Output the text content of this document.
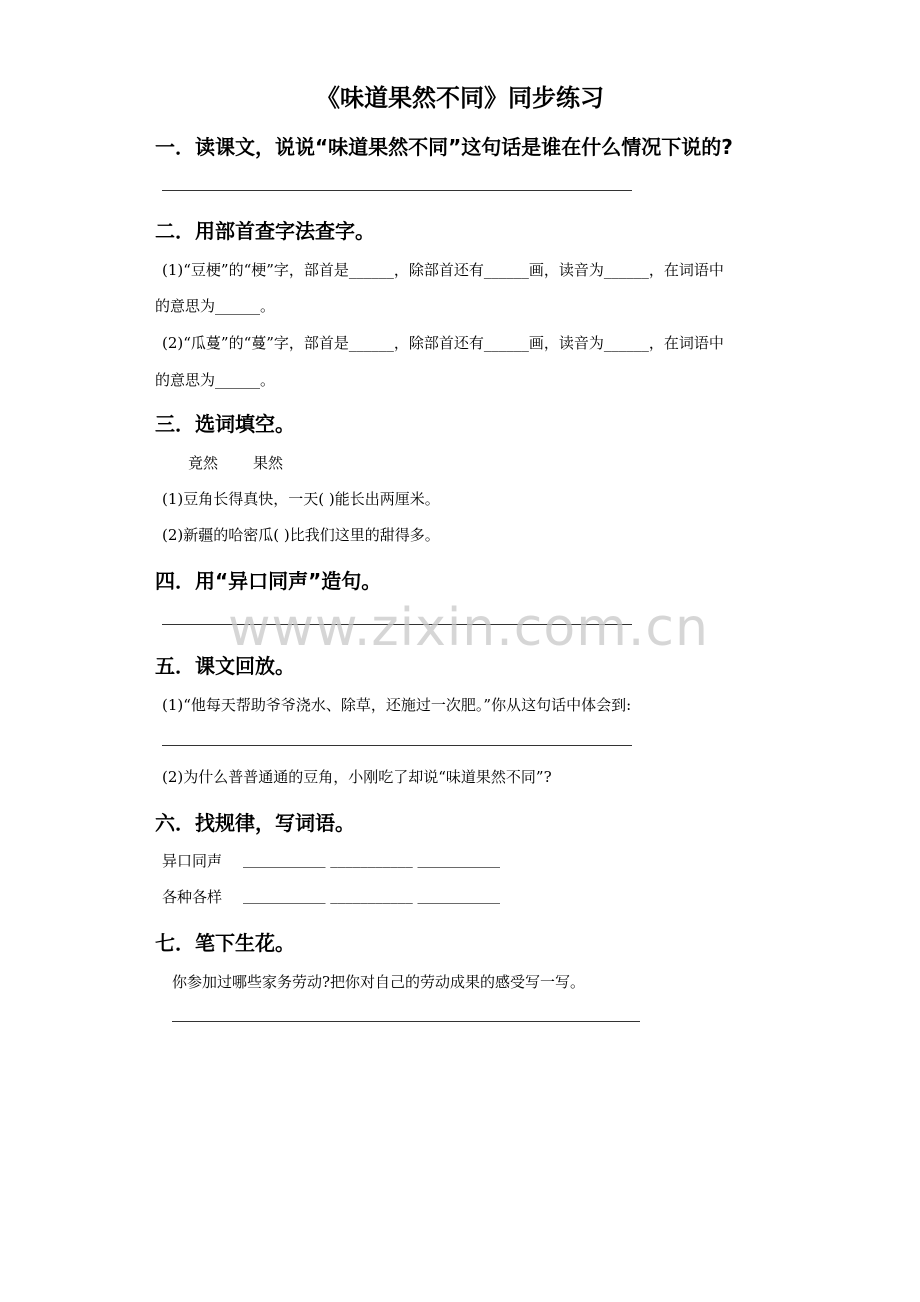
《味道果然不同》同步练习
一．读课文，说说“味道果然不同”这句话是谁在什么情况下说的?
二．用部首查字法查字。
(1)“豆梗”的“梗”字，部首是______，除部首还有______画，读音为______，在词语中
的意思为______。
(2)“瓜蔓”的“蔓”字，部首是______，除部首还有______画，读音为______，在词语中
的意思为______。
三．选词填空。
竟然 果然
(1)豆角长得真快，一天( )能长出两厘米。
(2)新疆的哈密瓜( )比我们这里的甜得多。
四．用“异口同声”造句。
五．课文回放。
(1)“他每天帮助爷爷浇水、除草，还施过一次肥。”你从这句话中体会到:
(2)为什么普普通通的豆角，小刚吃了却说“味道果然不同”?
六．找规律，写词语。
异口同声 ___________ ___________ ___________
各种各样 ___________ ___________ ___________
七．笔下生花。
你参加过哪些家务劳动?把你对自己的劳动成果的感受写一写。
www.zixin.com.cn
